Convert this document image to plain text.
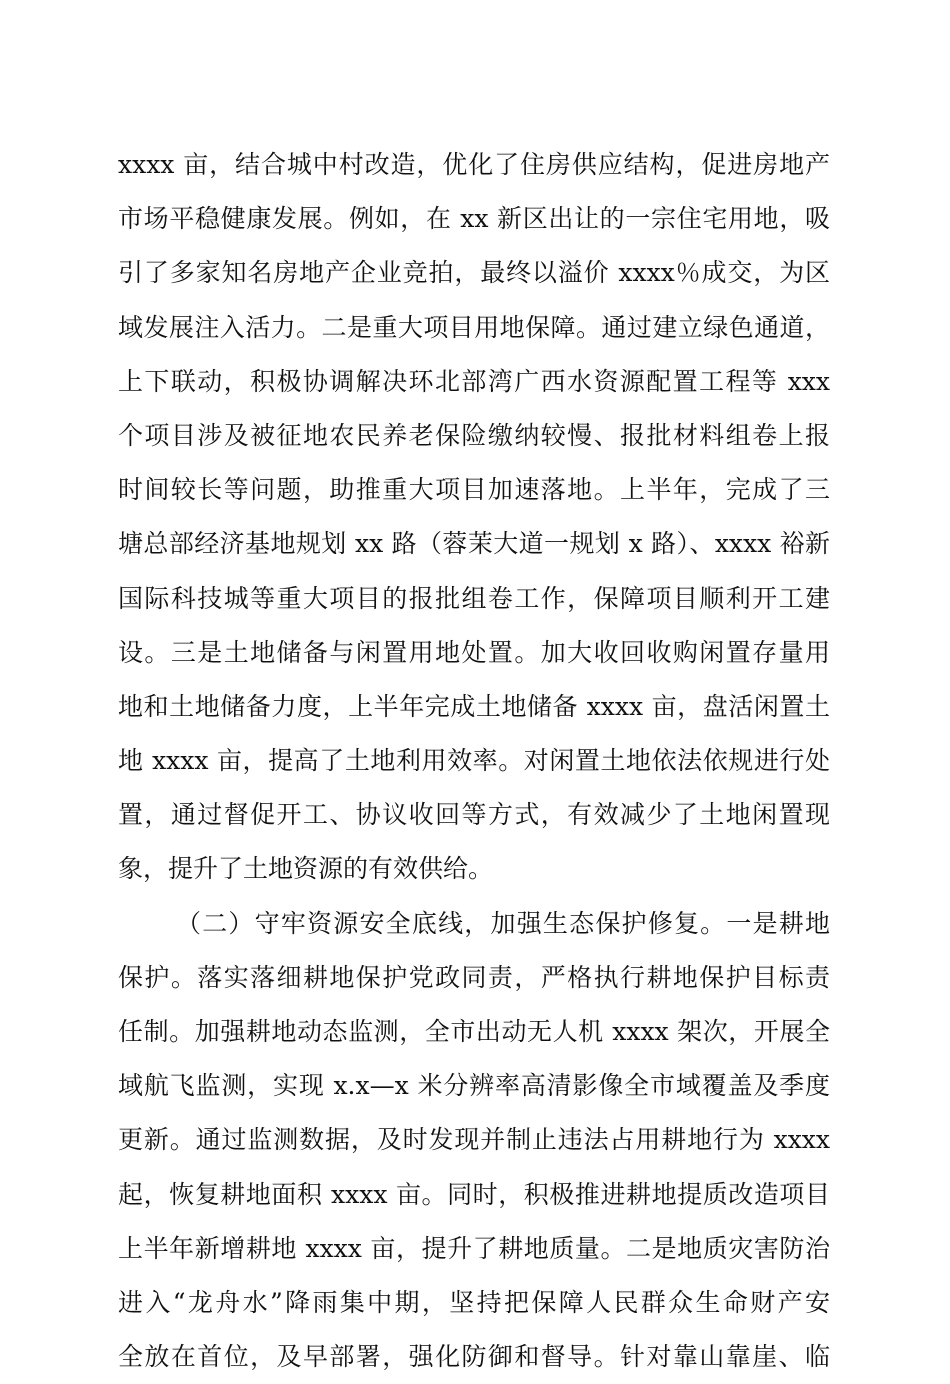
xxxx 亩，结合城中村改造，优化了住房供应结构，促进房地产
市场平稳健康发展。例如，在 xx 新区出让的一宗住宅用地，吸
引了多家知名房地产企业竞拍，最终以溢价 xxxx％成交，为区
域发展注入活力。二是重大项目用地保障。通过建立绿色通道，
上下联动，积极协调解决环北部湾广西水资源配置工程等 xxx
个项目涉及被征地农民养老保险缴纳较慢、报批材料组卷上报
时间较长等问题，助推重大项目加速落地。上半年，完成了三
塘总部经济基地规划 xx 路（蓉茉大道一规划 x 路）、xxxx 裕新
国际科技城等重大项目的报批组卷工作，保障项目顺利开工建
设。三是土地储备与闲置用地处置。加大收回收购闲置存量用
地和土地储备力度，上半年完成土地储备 xxxx 亩，盘活闲置土
地 xxxx 亩，提高了土地利用效率。对闲置土地依法依规进行处
置，通过督促开工、协议收回等方式，有效减少了土地闲置现
象，提升了土地资源的有效供给。
（二）守牢资源安全底线，加强生态保护修复。一是耕地
保护。落实落细耕地保护党政同责，严格执行耕地保护目标责
任制。加强耕地动态监测，全市出动无人机 xxxx 架次，开展全
域航飞监测，实现 x.x—x 米分辨率高清影像全市域覆盖及季度
更新。通过监测数据，及时发现并制止违法占用耕地行为 xxxx
起，恢复耕地面积 xxxx 亩。同时，积极推进耕地提质改造项目
上半年新增耕地 xxxx 亩，提升了耕地质量。二是地质灾害防治
进入“龙舟水”降雨集中期，坚持把保障人民群众生命财产安
全放在首位，及早部署，强化防御和督导。针对靠山靠崖、临
